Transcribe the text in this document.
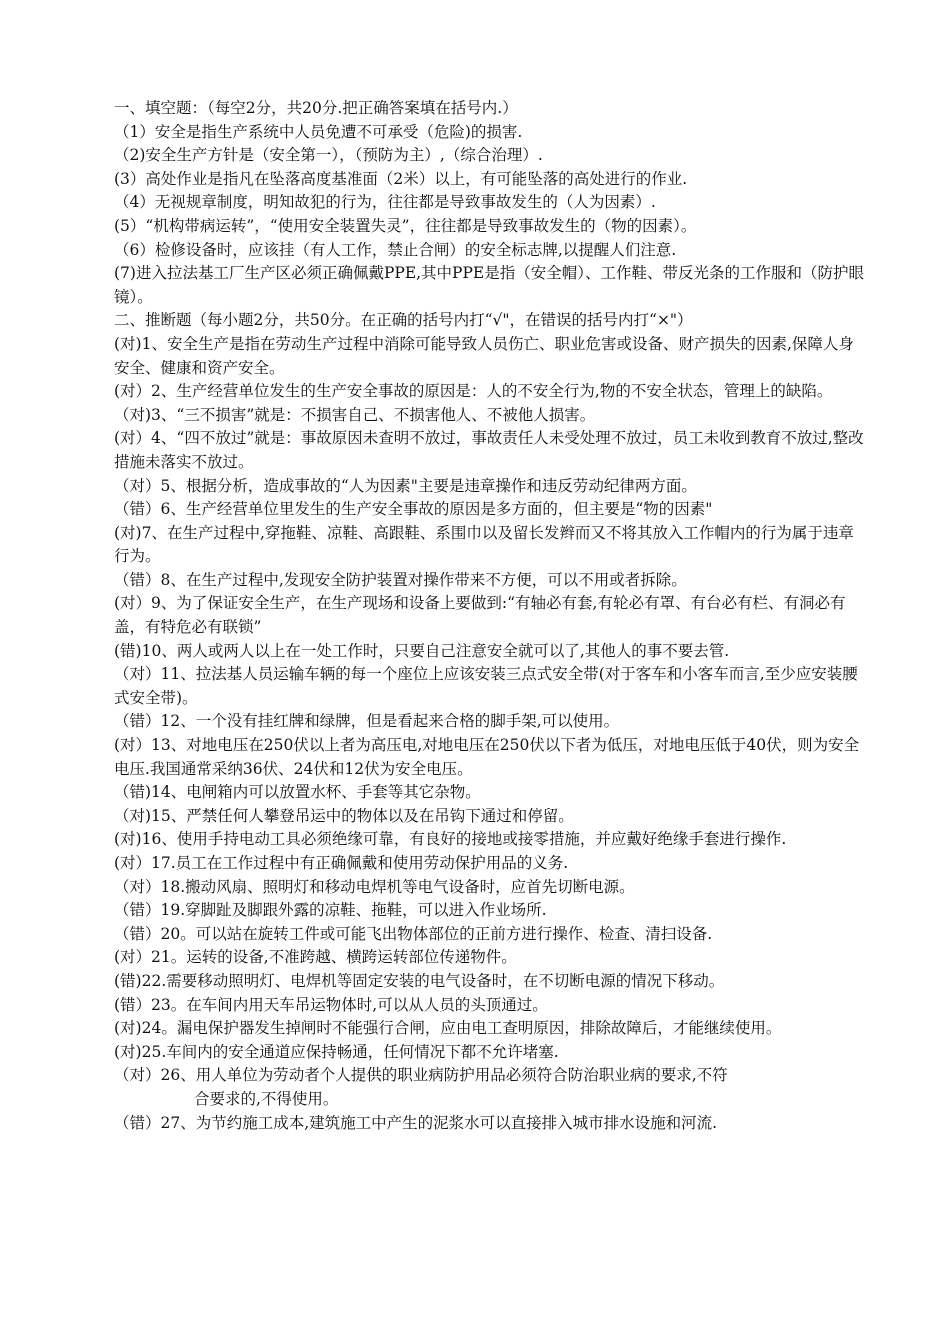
一、填空题：（每空2分，共20分.把正确答案填在括号内.）

（1）安全是指生产系统中人员免遭不可承受（危险)的损害.

（2)安全生产方针是（安全第一），（预防为主）,（综合治理）.

(3）高处作业是指凡在坠落高度基准面（2米）以上，有可能坠落的高处进行的作业.

（4）无视规章制度，明知故犯的行为，往往都是导致事故发生的（人为因素）.

(5）“机构带病运转”，“使用安全装置失灵”，往往都是导致事故发生的（物的因素）。

（6）检修设备时，应该挂（有人工作，禁止合闸）的安全标志牌,以提醒人们注意.

(7)进入拉法基工厂生产区必须正确佩戴PPE,其中PPE是指（安全帽）、工作鞋、带反光条的工作服和（防护眼镜）。

二、推断题（每小题2分，共50分。在正确的括号内打“√"，在错误的括号内打“×"）

(对)1、安全生产是指在劳动生产过程中消除可能导致人员伤亡、职业危害或设备、财产损失的因素,保障人身安全、健康和资产安全。

(对）2、生产经营单位发生的生产安全事故的原因是：人的不安全行为,物的不安全状态，管理上的缺陷。

（对)3、“三不损害”就是：不损害自己、不损害他人、不被他人损害。

(对）4、“四不放过”就是：事故原因未查明不放过，事故责任人未受处理不放过，员工未收到教育不放过,整改措施未落实不放过。

（对）5、根据分析，造成事故的“人为因素"主要是违章操作和违反劳动纪律两方面。

（错）6、生产经营单位里发生的生产安全事故的原因是多方面的，但主要是“物的因素"

(对)7、在生产过程中,穿拖鞋、凉鞋、高跟鞋、系围巾以及留长发辫而又不将其放入工作帽内的行为属于违章行为。

（错）8、在生产过程中,发现安全防护装置对操作带来不方便，可以不用或者拆除。

(对）9、为了保证安全生产，在生产现场和设备上要做到:“有轴必有套,有轮必有罩、有台必有栏、有洞必有盖，有特危必有联锁”

(错)10、两人或两人以上在一处工作时，只要自己注意安全就可以了,其他人的事不要去管.

（对）11、拉法基人员运输车辆的每一个座位上应该安装三点式安全带(对于客车和小客车而言,至少应安装腰式安全带)。

（错）12、一个没有挂红牌和绿牌，但是看起来合格的脚手架,可以使用。

(对）13、对地电压在250伏以上者为高压电,对地电压在250伏以下者为低压，对地电压低于40伏，则为安全电压.我国通常采纳36伏、24伏和12伏为安全电压。

（错)14、电闸箱内可以放置水杯、手套等其它杂物。

（对)15、严禁任何人攀登吊运中的物体以及在吊钩下通过和停留。

(对)16、使用手持电动工具必须绝缘可靠，有良好的接地或接零措施，并应戴好绝缘手套进行操作.

(对）17.员工在工作过程中有正确佩戴和使用劳动保护用品的义务.

（对）18.搬动风扇、照明灯和移动电焊机等电气设备时，应首先切断电源。

（错）19.穿脚趾及脚跟外露的凉鞋、拖鞋，可以进入作业场所.

（错）20。可以站在旋转工件或可能飞出物体部位的正前方进行操作、检查、清扫设备.

(对）21。运转的设备,不准跨越、横跨运转部位传递物件。

(错)22.需要移动照明灯、电焊机等固定安装的电气设备时，在不切断电源的情况下移动。

(错）23。在车间内用天车吊运物体时,可以从人员的头顶通过。

(对)24。漏电保护器发生掉闸时不能强行合闸，应由电工查明原因，排除故障后，才能继续使用。

(对)25.车间内的安全通道应保持畅通，任何情况下都不允许堵塞.

（对）26、用人单位为劳动者个人提供的职业病防护用品必须符合防治职业病的要求,不符

合要求的,不得使用。

（错）27、为节约施工成本,建筑施工中产生的泥浆水可以直接排入城市排水设施和河流.
